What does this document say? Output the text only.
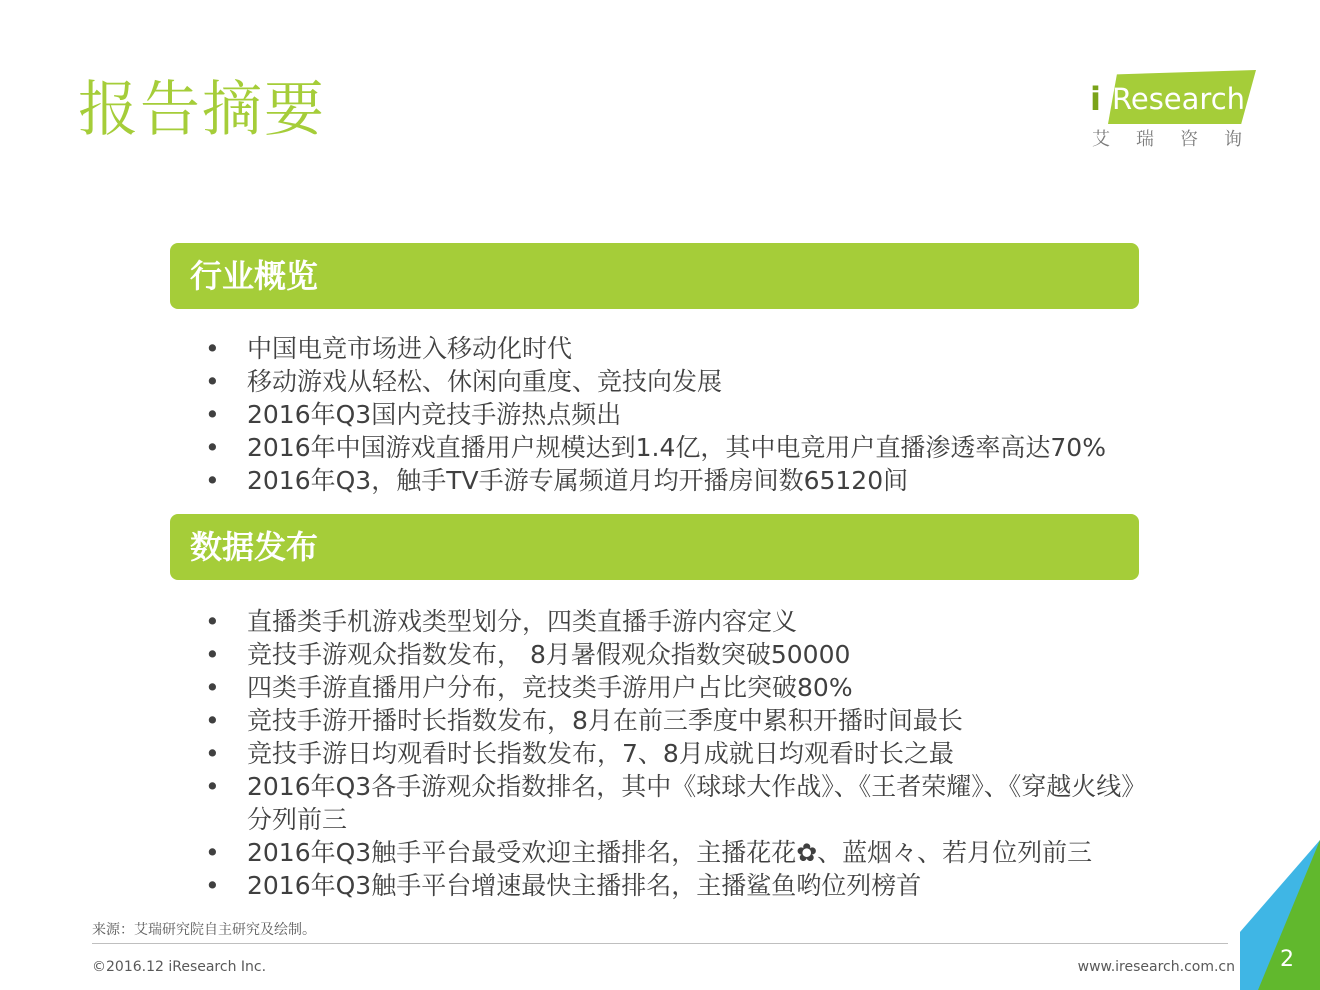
报告摘要	i Research
艾瑞咨询
行业概览
• 中国电竞市场进入移动化时代
• 移动游戏从轻松、休闲向重度、竞技向发展
• 2016年Q3国内竞技手游热点频出
• 2016年中国游戏直播用户规模达到1.4亿，其中电竞用户直播渗透率高达70%
• 2016年Q3，触手TV手游专属频道月均开播房间数65120间
数据发布
• 直播类手机游戏类型划分，四类直播手游内容定义
• 竞技手游观众指数发布， 8月暑假观众指数突破50000
• 四类手游直播用户分布，竞技类手游用户占比突破80%
• 竞技手游开播时长指数发布，8月在前三季度中累积开播时间最长
• 竞技手游日均观看时长指数发布，7、8月成就日均观看时长之最
• 2016年Q3各手游观众指数排名，其中《球球大作战》、《王者荣耀》、《穿越火线》分列前三
• 2016年Q3触手平台最受欢迎主播排名，主播花花✿、蓝烟々、若月位列前三
• 2016年Q3触手平台增速最快主播排名，主播鲨鱼哟位列榜首
来源：艾瑞研究院自主研究及绘制。
©2016.12 iResearch Inc.	www.iresearch.com.cn 2
